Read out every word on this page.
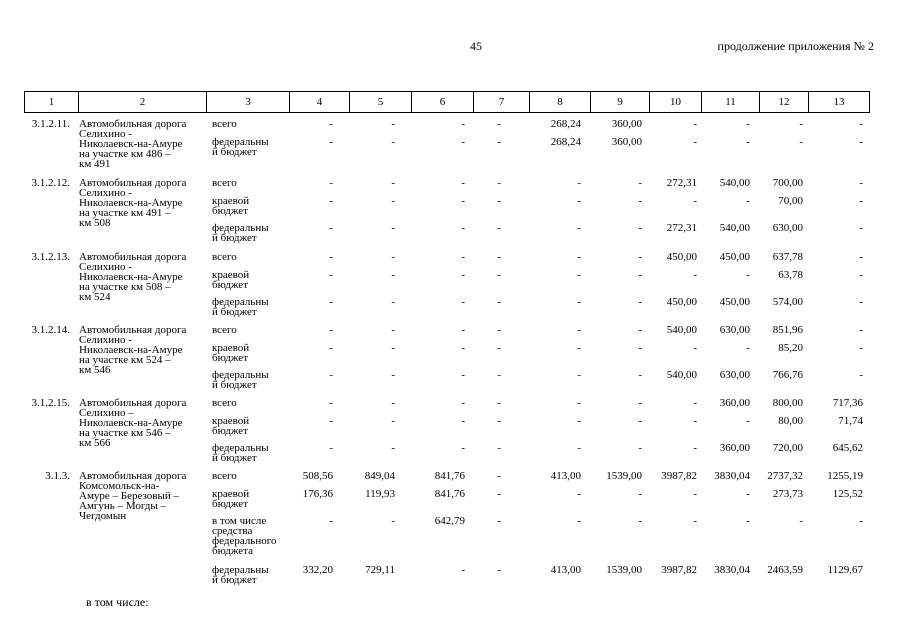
45	продолжение приложения № 2
1	2	3	4	5	6	7	8	9	10	11	12	13
3.1.2.11. Автомобильная дорога
Селихино -
Николаевск-на-Амуре
на участке км 486 –
км 491
всего	-	-	-	-	268,24	360,00	-	-	-	-
федеральны
й бюджет
-	-	-	-	268,24	360,00	-	-	-	-
3.1.2.12. Автомобильная дорога
Селихино -
Николаевск-на-Амуре
на участке км 491 –
км 508
всего	-	-	-	-	-	- 272,31 540,00 700,00	-
краевой
бюджет
-	-	-	-	-	-	-	-	70,00	-
федеральны
й бюджет
-	-	-	-	-	- 272,31 540,00 630,00	-
3.1.2.13. Автомобильная дорога
Селихино -
Николаевск-на-Амуре
на участке км 508 –
км 524
всего	-	-	-	-	-	- 450,00 450,00 637,78	-
краевой
бюджет
-	-	-	-	-	-	-	-	63,78	-
федеральны
й бюджет
-	-	-	-	-	- 450,00 450,00 574,00	-
3.1.2.14. Автомобильная дорога
Селихино -
Николаевск-на-Амуре
на участке км 524 –
км 546
всего	-	-	-	-	-	- 540,00 630,00 851,96	-
краевой
бюджет
-	-	-	-	-	-	-	-	85,20	-
федеральны
й бюджет
-	-	-	-	-	- 540,00 630,00 766,76	-
3.1.2.15. Автомобильная дорога
Селихино –
Николаевск-на-Амуре
на участке км 546 –
км 566
всего	-	-	-	-	-	-	- 360,00 800,00	717,36
краевой
бюджет
-	-	-	-	-	-	-	-	80,00	71,74
федеральны
й бюджет
-	-	-	-	-	-	- 360,00 720,00	645,62
3.1.3. Автомобильная дорога
Комсомольск-на-
Амуре – Березовый –
Амгунь – Могды –
Чегдомын
всего	508,56	849,04	841,76	-	413,00 1539,00 3987,82 3830,04 2737,32 1255,19
краевой
бюджет
176,36	119,93	841,76	-	-	-	-	- 273,73	125,52
в том числе
средства
федерального
бюджета
-	-	642,79	-	-	-	-	-	-	-
федеральны
й бюджет
332,20	729,11	-	-	413,00 1539,00 3987,82 3830,04 2463,59 1129,67
в том числе:
